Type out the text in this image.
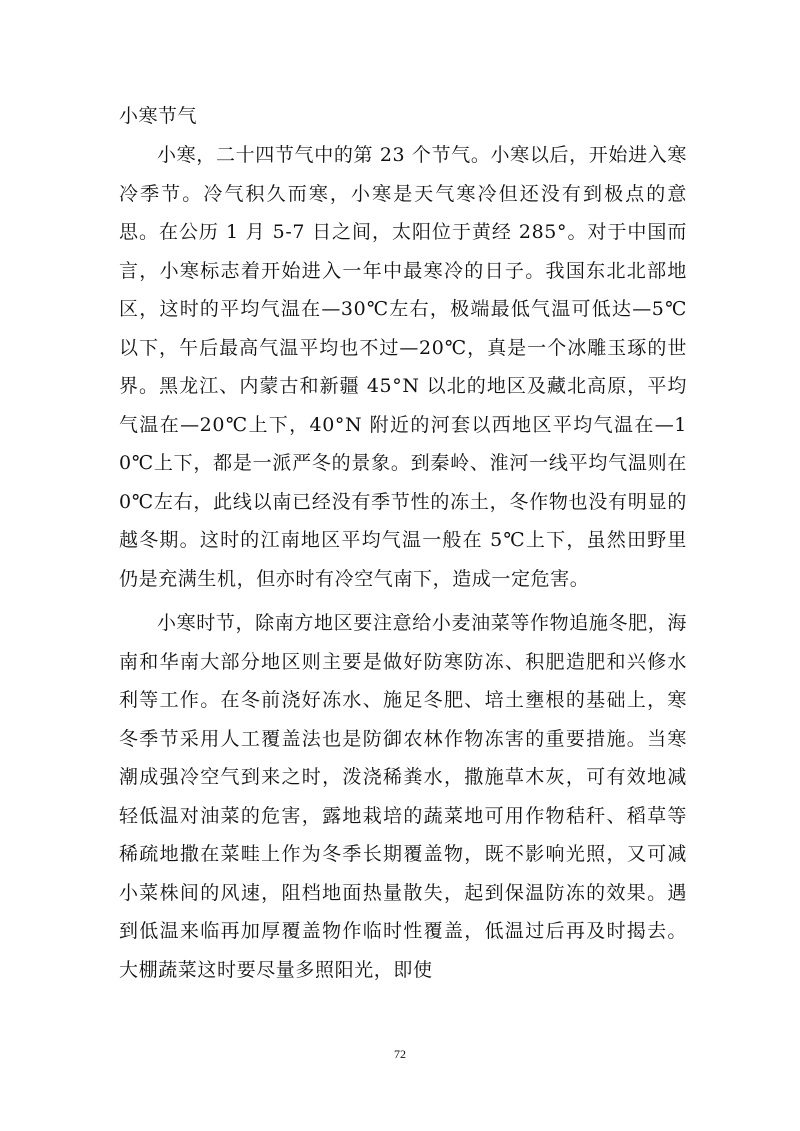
小寒节气

小寒，二十四节气中的第 23 个节气。小寒以后，开始进入寒冷季节。冷气积久而寒，小寒是天气寒冷但还没有到极点的意思。在公历 1 月 5-7 日之间，太阳位于黄经 285°。对于中国而言，小寒标志着开始进入一年中最寒冷的日子。我国东北北部地区，这时的平均气温在—30℃左右，极端最低气温可低达—5℃以下，午后最高气温平均也不过—20℃，真是一个冰雕玉琢的世界。黑龙江、内蒙古和新疆 45°N 以北的地区及藏北高原，平均气温在—20℃上下，40°N 附近的河套以西地区平均气温在—10℃上下，都是一派严冬的景象。到秦岭、淮河一线平均气温则在 0℃左右，此线以南已经没有季节性的冻土，冬作物也没有明显的越冬期。这时的江南地区平均气温一般在 5℃上下，虽然田野里仍是充满生机，但亦时有冷空气南下，造成一定危害。

小寒时节，除南方地区要注意给小麦油菜等作物追施冬肥，海南和华南大部分地区则主要是做好防寒防冻、积肥造肥和兴修水利等工作。在冬前浇好冻水、施足冬肥、培土壅根的基础上，寒冬季节采用人工覆盖法也是防御农林作物冻害的重要措施。当寒潮成强冷空气到来之时，泼浇稀粪水，撒施草木灰，可有效地减轻低温对油菜的危害，露地栽培的蔬菜地可用作物秸秆、稻草等稀疏地撒在菜畦上作为冬季长期覆盖物，既不影响光照，又可减小菜株间的风速，阻档地面热量散失，起到保温防冻的效果。遇到低温来临再加厚覆盖物作临时性覆盖，低温过后再及时揭去。大棚蔬菜这时要尽量多照阳光，即使

72
